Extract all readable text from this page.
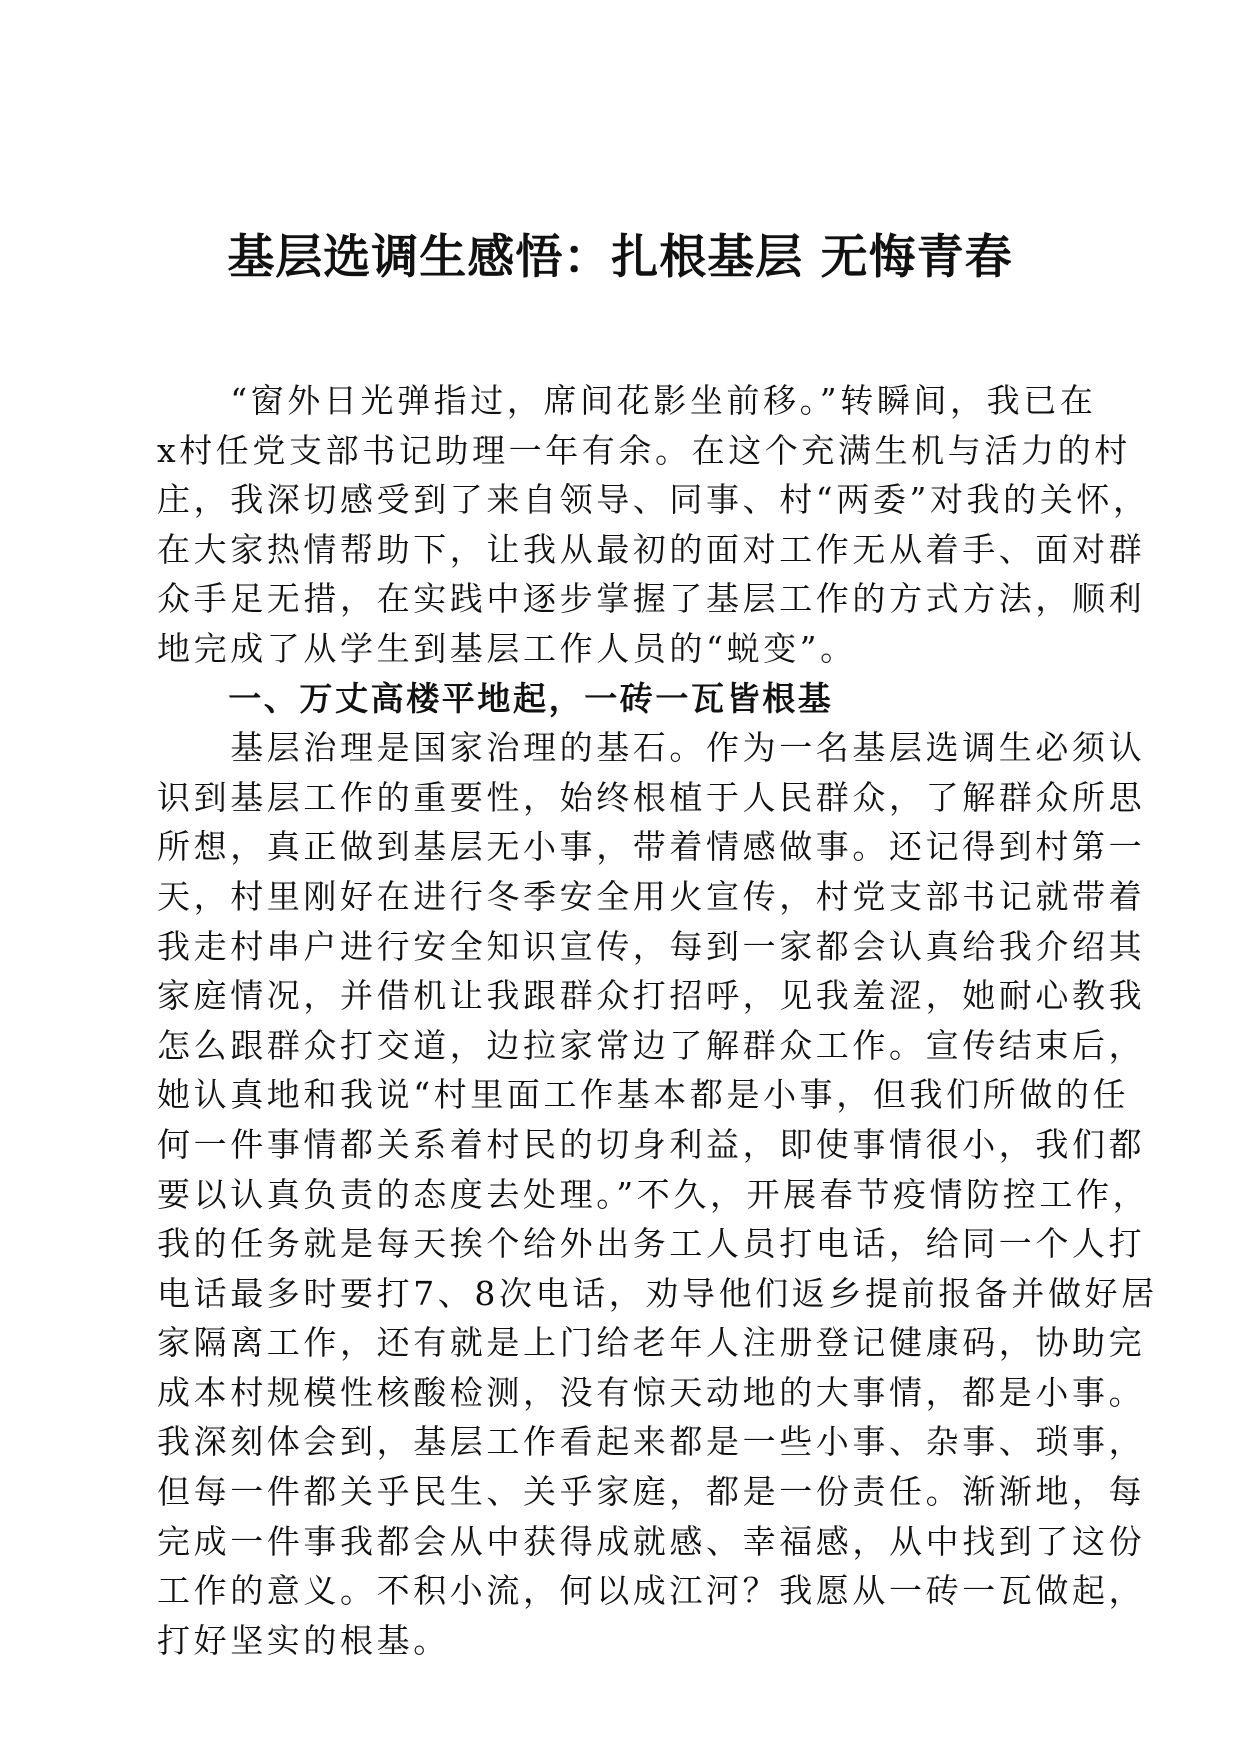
基层选调生感悟：扎根基层 无悔青春
　　“窗外日光弹指过，席间花影坐前移。”转瞬间，我已在
x村任党支部书记助理一年有余。在这个充满生机与活力的村
庄，我深切感受到了来自领导、同事、村“两委”对我的关怀，
在大家热情帮助下，让我从最初的面对工作无从着手、面对群
众手足无措，在实践中逐步掌握了基层工作的方式方法，顺利
地完成了从学生到基层工作人员的“蜕变”。
　　一、万丈高楼平地起，一砖一瓦皆根基
　　基层治理是国家治理的基石。作为一名基层选调生必须认
识到基层工作的重要性，始终根植于人民群众，了解群众所思
所想，真正做到基层无小事，带着情感做事。还记得到村第一
天，村里刚好在进行冬季安全用火宣传，村党支部书记就带着
我走村串户进行安全知识宣传，每到一家都会认真给我介绍其
家庭情况，并借机让我跟群众打招呼，见我羞涩，她耐心教我
怎么跟群众打交道，边拉家常边了解群众工作。宣传结束后，
她认真地和我说“村里面工作基本都是小事，但我们所做的任
何一件事情都关系着村民的切身利益，即使事情很小，我们都
要以认真负责的态度去处理。”不久，开展春节疫情防控工作，
我的任务就是每天挨个给外出务工人员打电话，给同一个人打
电话最多时要打7、8次电话，劝导他们返乡提前报备并做好居
家隔离工作，还有就是上门给老年人注册登记健康码，协助完
成本村规模性核酸检测，没有惊天动地的大事情，都是小事。
我深刻体会到，基层工作看起来都是一些小事、杂事、琐事，
但每一件都关乎民生、关乎家庭，都是一份责任。渐渐地，每
完成一件事我都会从中获得成就感、幸福感，从中找到了这份
工作的意义。不积小流，何以成江河？我愿从一砖一瓦做起，
打好坚实的根基。
